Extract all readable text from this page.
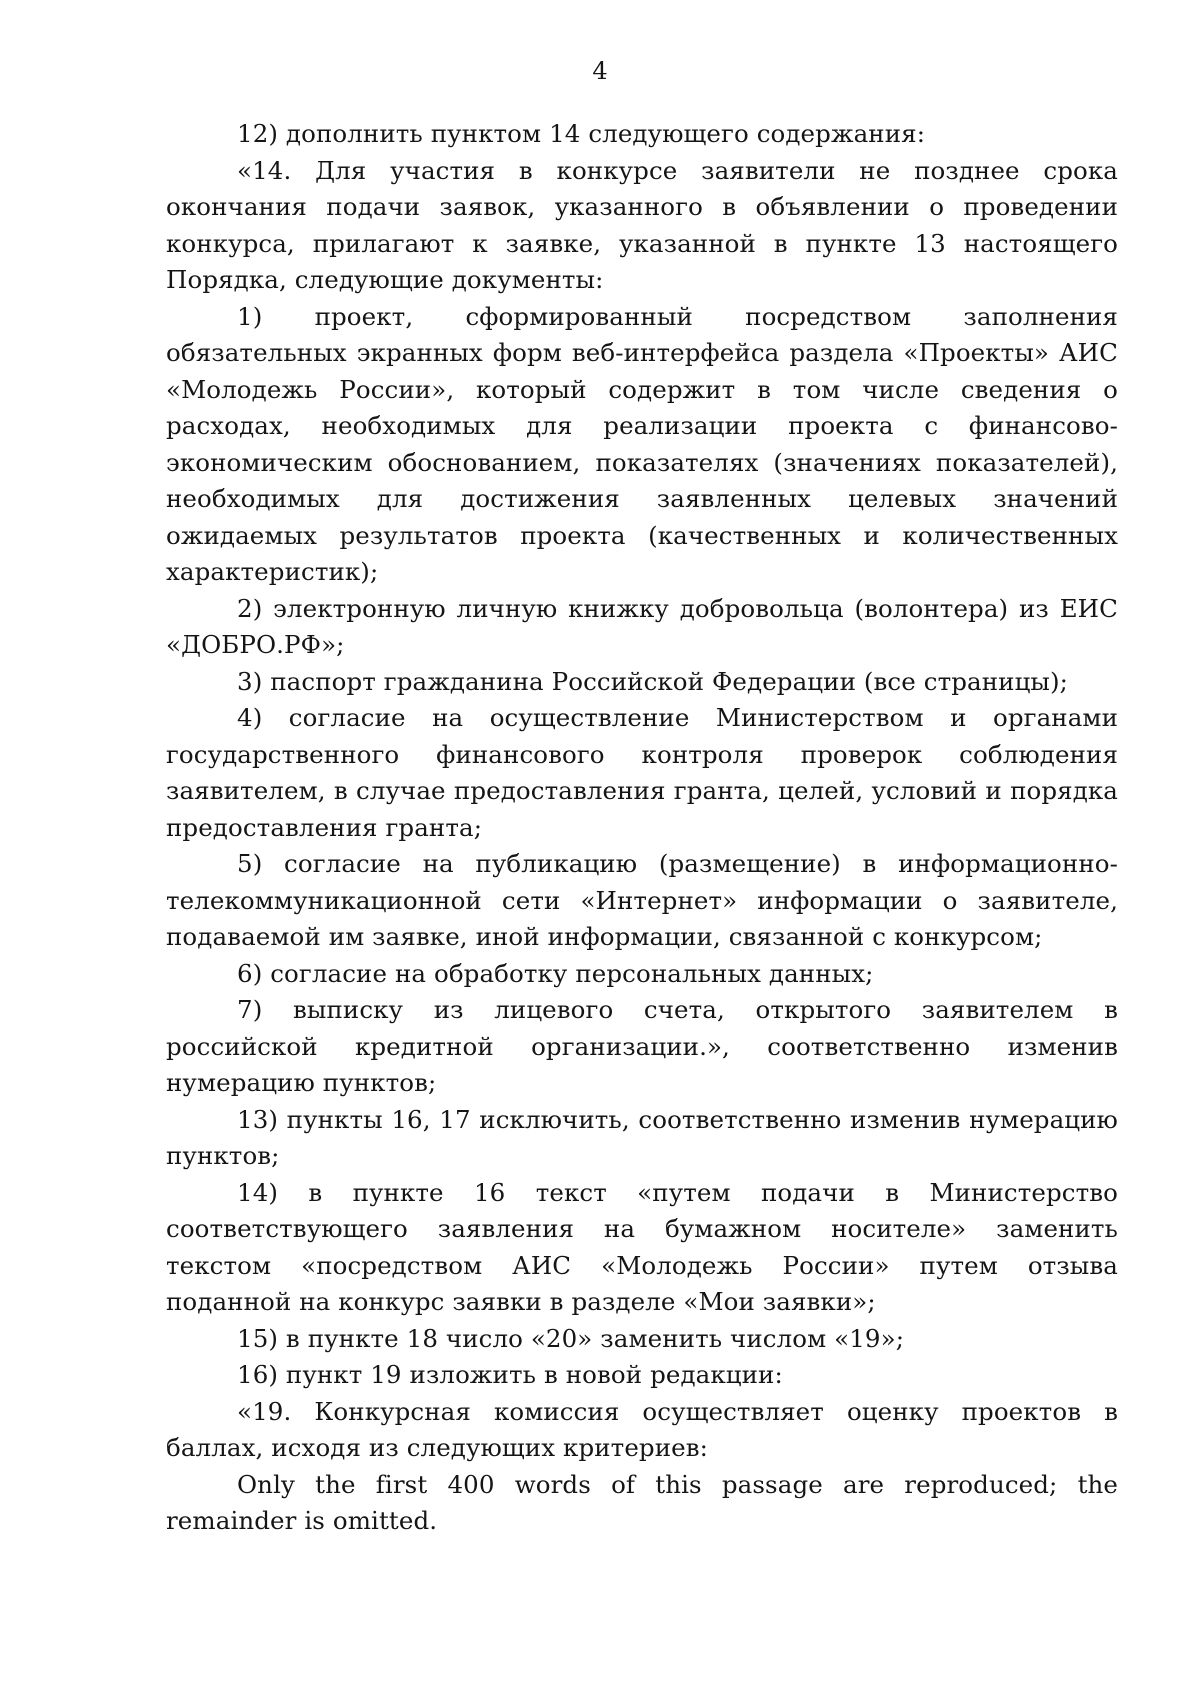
4

12) дополнить пунктом 14 следующего содержания:

«14. Для участия в конкурсе заявители не позднее срока окончания подачи заявок, указанного в объявлении о проведении конкурса, прилагают к заявке, указанной в пункте 13 настоящего Порядка, следующие документы:

1) проект, сформированный посредством заполнения обязательных экранных форм веб-интерфейса раздела «Проекты» АИС «Молодежь России», который содержит в том числе сведения о расходах, необходимых для реализации проекта с финансово-экономическим обоснованием, показателях (значениях показателей), необходимых для достижения заявленных целевых значений ожидаемых результатов проекта (качественных и количественных характеристик);

2) электронную личную книжку добровольца (волонтера) из ЕИС «ДОБРО.РФ»;

3) паспорт гражданина Российской Федерации (все страницы);

4) согласие на осуществление Министерством и органами государственного финансового контроля проверок соблюдения заявителем, в случае предоставления гранта, целей, условий и порядка предоставления гранта;

5) согласие на публикацию (размещение) в информационно-телекоммуникационной сети «Интернет» информации о заявителе, подаваемой им заявке, иной информации, связанной с конкурсом;

6) согласие на обработку персональных данных;

7) выписку из лицевого счета, открытого заявителем в российской кредитной организации.», соответственно изменив нумерацию пунктов;

13) пункты 16, 17 исключить, соответственно изменив нумерацию пунктов;

14) в пункте 16 текст «путем подачи в Министерство соответствующего заявления на бумажном носителе» заменить текстом «посредством АИС «Молодежь России» путем отзыва поданной на конкурс заявки в разделе «Мои заявки»;

15) в пункте 18 число «20» заменить числом «19»;

16) пункт 19 изложить в новой редакции:

«19. Конкурсная комиссия осуществляет оценку проектов в баллах, исходя из следующих критериев:

Only the first 400 words of this passage are reproduced; the remainder is omitted.
